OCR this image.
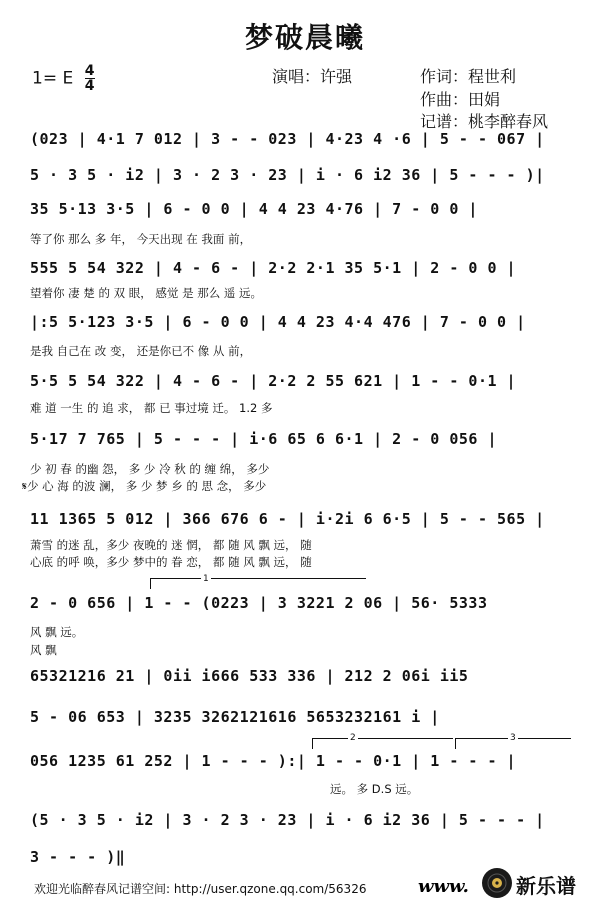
梦破晨曦
1= E $\frac{4}{4}$	演唱：许强	作词：程世利
作曲：田娟
记谱：桃李醉春风
(023 | 4·1 7 012 | 3 - - 023 | 4·23 4 ·6 | 5 - - 067 |
5 · 3 5 · i2 | 3 · 2 3 · 23 | i · 6 i2 36 | 5 - - - )|
35 5·13 3·5 | 6 - 0 0 | 4 4 23 4·76 | 7 - 0 0 |
等了你 那么 多 年， 今天出现 在 我面 前，
555 5 54 322 | 4 - 6 - | 2·2 2·1 35 5·1 | 2 - 0 0 |
望着你 凄 楚 的 双 眼， 感觉 是 那么 遥 远。
|:5 5·123 3·5 | 6 - 0 0 | 4 4 23 4·4 476 | 7 - 0 0 |
是我 自己在 改 变， 还是你已不 像 从 前，
5·5 5 54 322 | 4 - 6 - | 2·2 2 55 621 | 1 - - 0·1 |
难 道 一生 的 追 求， 都 已 事过境 迁。 1.2 多
5·17 7 765 | 5 - - - | i·6 65 6 6·1 | 2 - 0 056 |
少 初 春 的幽 怨， 多 少 冷 秋 的 缠 绵， 多少
𝄋少 心 海 的波 澜， 多 少 梦 乡 的 思 念， 多少
11 1365 5 012 | 366 676 6 - | i·2i 6 6·5 | 5 - - 565 |
萧雪 的迷 乱，多少 夜晚的 迷 惘， 都 随 风 飘 远， 随
心底 的呼 唤，多少 梦中的 眷 恋， 都 随 风 飘 远， 随
1
2 - 0 656 | 1 - - (0223 | 3 3221 2 06 | 56· 5333
风 飘 远。
风 飘
65321216 21 | 0ii i666 533 336 | 212 2 06i ii5
5 - 06 653 | 3235 3262121616 5653232161 i |
2	3
056 1235 61 252 | 1 - - - ):| 1 - - 0·1 | 1 - - - |
远。 多 D.S 远。
(5 · 3 5 · i2 | 3 · 2 3 · 23 | i · 6 i2 36 | 5 - - - |
3 - - - )‖
欢迎光临醉春风记谱空间: http://user.qzone.qq.com/56326	www. 新乐谱
